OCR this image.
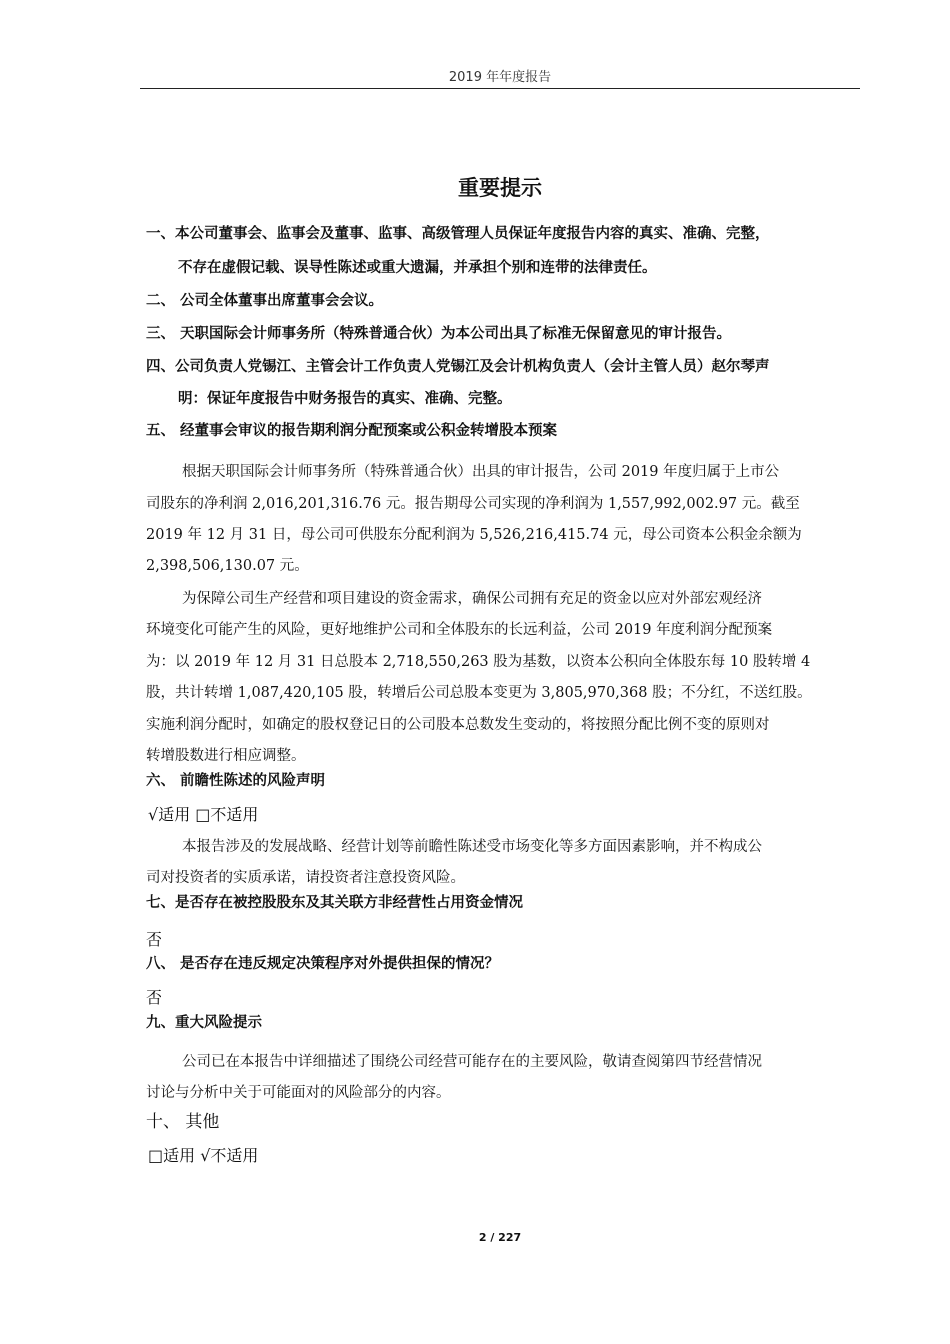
2019 年年度报告
重要提示
一、本公司董事会、监事会及董事、监事、高级管理人员保证年度报告内容的真实、准确、完整，
不存在虚假记载、误导性陈述或重大遗漏，并承担个别和连带的法律责任。
二、 公司全体董事出席董事会会议。
三、 天职国际会计师事务所（特殊普通合伙）为本公司出具了标准无保留意见的审计报告。
四、公司负责人党锡江、主管会计工作负责人党锡江及会计机构负责人（会计主管人员）赵尔琴声
明：保证年度报告中财务报告的真实、准确、完整。
五、 经董事会审议的报告期利润分配预案或公积金转增股本预案
根据天职国际会计师事务所（特殊普通合伙）出具的审计报告，公司 2019 年度归属于上市公
司股东的净利润 2,016,201,316.76 元。报告期母公司实现的净利润为 1,557,992,002.97 元。截至
2019 年 12 月 31 日，母公司可供股东分配利润为 5,526,216,415.74 元，母公司资本公积金余额为
2,398,506,130.07 元。
为保障公司生产经营和项目建设的资金需求，确保公司拥有充足的资金以应对外部宏观经济
环境变化可能产生的风险，更好地维护公司和全体股东的长远利益，公司 2019 年度利润分配预案
为：以 2019 年 12 月 31 日总股本 2,718,550,263 股为基数，以资本公积向全体股东每 10 股转增 4
股，共计转增 1,087,420,105 股，转增后公司总股本变更为 3,805,970,368 股；不分红，不送红股。
实施利润分配时，如确定的股权登记日的公司股本总数发生变动的，将按照分配比例不变的原则对
转增股数进行相应调整。
六、 前瞻性陈述的风险声明
√适用 □不适用
本报告涉及的发展战略、经营计划等前瞻性陈述受市场变化等多方面因素影响，并不构成公
司对投资者的实质承诺，请投资者注意投资风险。
七、是否存在被控股股东及其关联方非经营性占用资金情况
否
八、 是否存在违反规定决策程序对外提供担保的情况？
否
九、重大风险提示
公司已在本报告中详细描述了围绕公司经营可能存在的主要风险，敬请查阅第四节经营情况
讨论与分析中关于可能面对的风险部分的内容。
十、 其他
□适用 √不适用
2 / 227
